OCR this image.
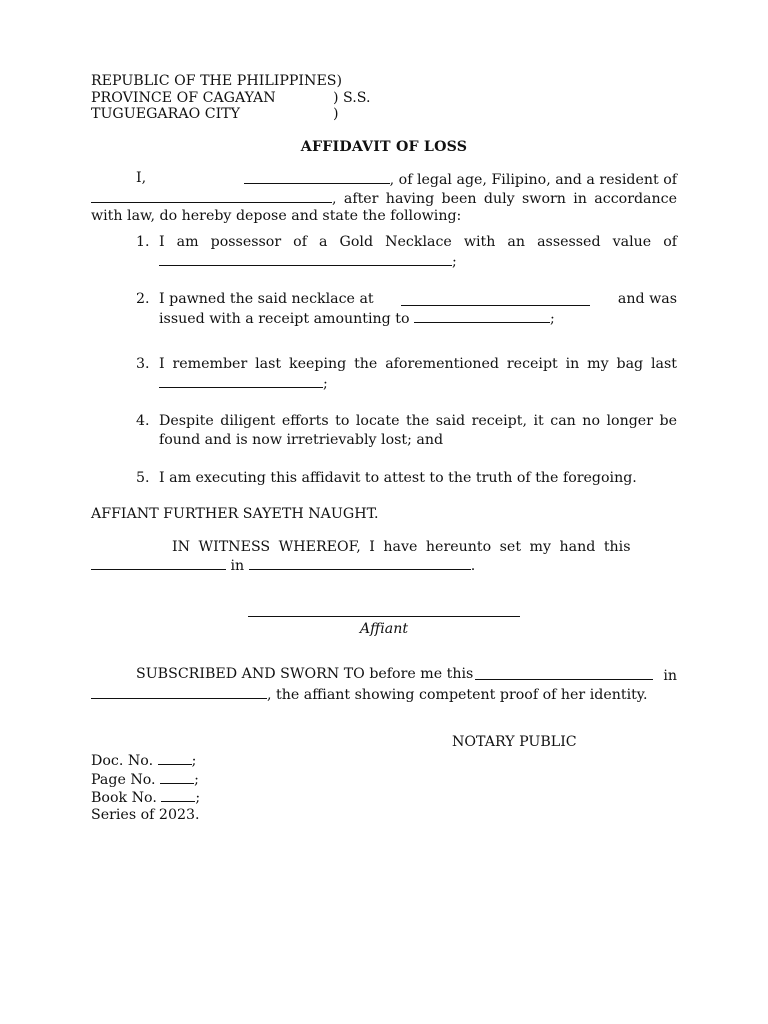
REPUBLIC OF THE PHILIPPINES)
PROVINCE OF CAGAYAN	) S.S.
TUGUEGARAO CITY	)
AFFIDAVIT OF LOSS
I,	, of legal age, Filipino, and a resident of
, after having been duly sworn in accordance with law, do hereby depose and state the following:
1. I am possessor of a Gold Necklace with an assessed value of
;
2. I pawned the said necklace at	and was
issued with a receipt amounting to	;
3. I remember last keeping the aforementioned receipt in my bag last
;
4. Despite diligent efforts to locate the said receipt, it can no longer be found and is now irretrievably lost; and
5. I am executing this affidavit to attest to the truth of the foregoing.
AFFIANT FURTHER SAYETH NAUGHT.
IN WITNESS WHEREOF, I have hereunto set my hand this
in	.
Affiant
SUBSCRIBED AND SWORN TO before me this	in
, the affiant showing competent proof of her identity.
NOTARY PUBLIC
Doc. No.	;
Page No.	;
Book No.	;
Series of 2023.
